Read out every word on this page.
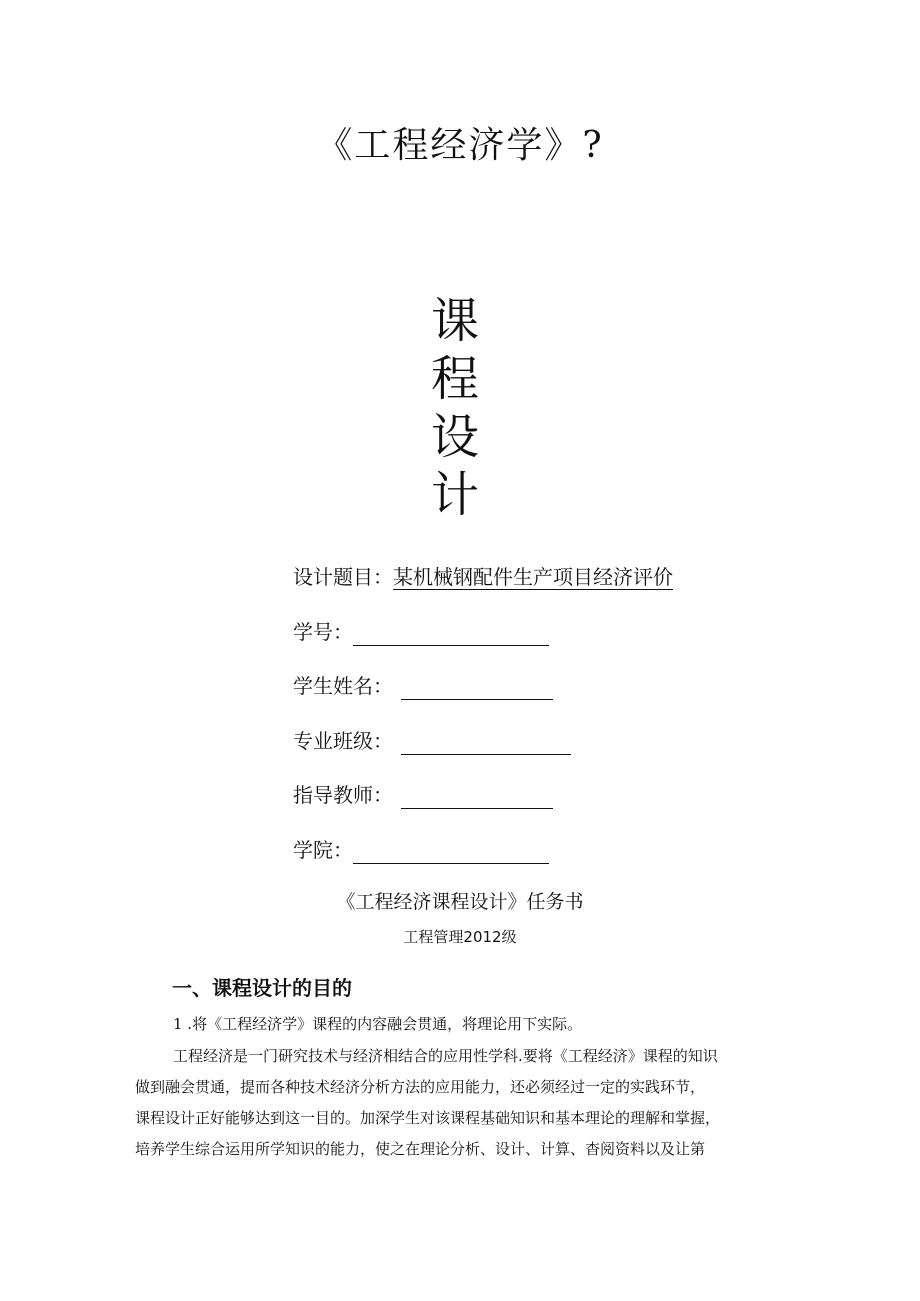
《工程经济学》?
课
程
设
计
设计题目：某机械钢配件生产项目经济评价
学号：
学生姓名：
专业班级：
指导教师：
学院：
《工程经济课程设计》任务书
工程管理2012级
一、课程设计的目的
1 .将《工程经济学》课程的内容融会贯通，将理论用下实际。
工程经济是一门研究技术与经济相结合的应用性学科.要将《工程经济》课程的知识
做到融会贯通，提而各种技术经济分析方法的应用能力，还必须经过一定的实践环节，
课程设计正好能够达到这一目的。加深学生对该课程基础知识和基本理论的理解和掌握，
培养学生综合运用所学知识的能力，使之在理论分析、设计、计算、杳阅资料以及让第
